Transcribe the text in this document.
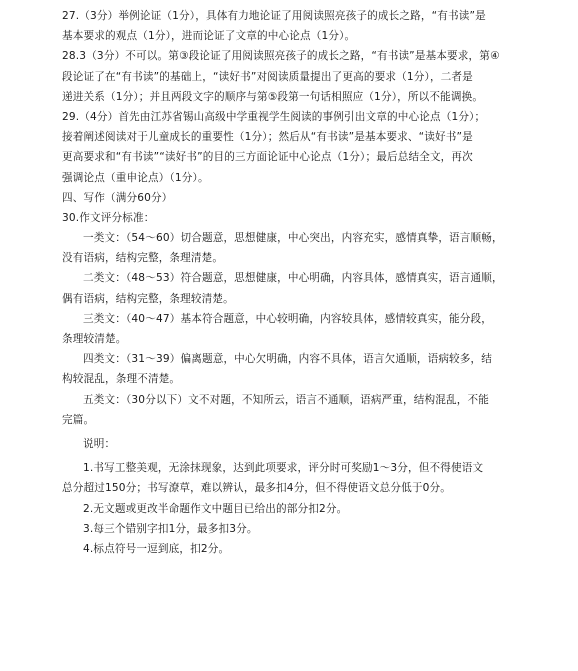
27.（3分）举例论证（1分），具体有力地论证了用阅读照亮孩子的成长之路，“有书读”是
基本要求的观点（1分），进而论证了文章的中心论点（1分）。
28.3（3分）不可以。第③段论证了用阅读照亮孩子的成长之路，“有书读”是基本要求，第④
段论证了在“有书读”的基础上，“读好书”对阅读质量提出了更高的要求（1分），二者是
递进关系（1分）；并且两段文字的顺序与第⑤段第一句话相照应（1分），所以不能调换。
29.（4分）首先由江苏省锡山高级中学重视学生阅读的事例引出文章的中心论点（1分）；
接着阐述阅读对于儿童成长的重要性（1分）；然后从“有书读”是基本要求、“读好书”是
更高要求和“有书读”“读好书”的目的三方面论证中心论点（1分）；最后总结全文，再次
强调论点（重申论点）（1分）。
四、写作（满分60分）
30.作文评分标准：
一类文：（54～60）切合题意，思想健康，中心突出，内容充实，感情真挚，语言顺畅，
没有语病，结构完整，条理清楚。
二类文：（48～53）符合题意，思想健康，中心明确，内容具体，感情真实，语言通顺，
偶有语病，结构完整，条理较清楚。
三类文：（40～47）基本符合题意，中心较明确，内容较具体，感情较真实，能分段，
条理较清楚。
四类文：（31～39）偏离题意，中心欠明确，内容不具体，语言欠通顺，语病较多，结
构较混乱，条理不清楚。
五类文：（30分以下）文不对题，不知所云，语言不通顺，语病严重，结构混乱，不能
完篇。
说明：
1.书写工整美观，无涂抹现象，达到此项要求，评分时可奖励1～3分，但不得使语文
总分超过150分；书写潦草，难以辨认，最多扣4分，但不得使语文总分低于0分。
2.无文题或更改半命题作文中题目已给出的部分扣2分。
3.每三个错别字扣1分，最多扣3分。
4.标点符号一逗到底，扣2分。
